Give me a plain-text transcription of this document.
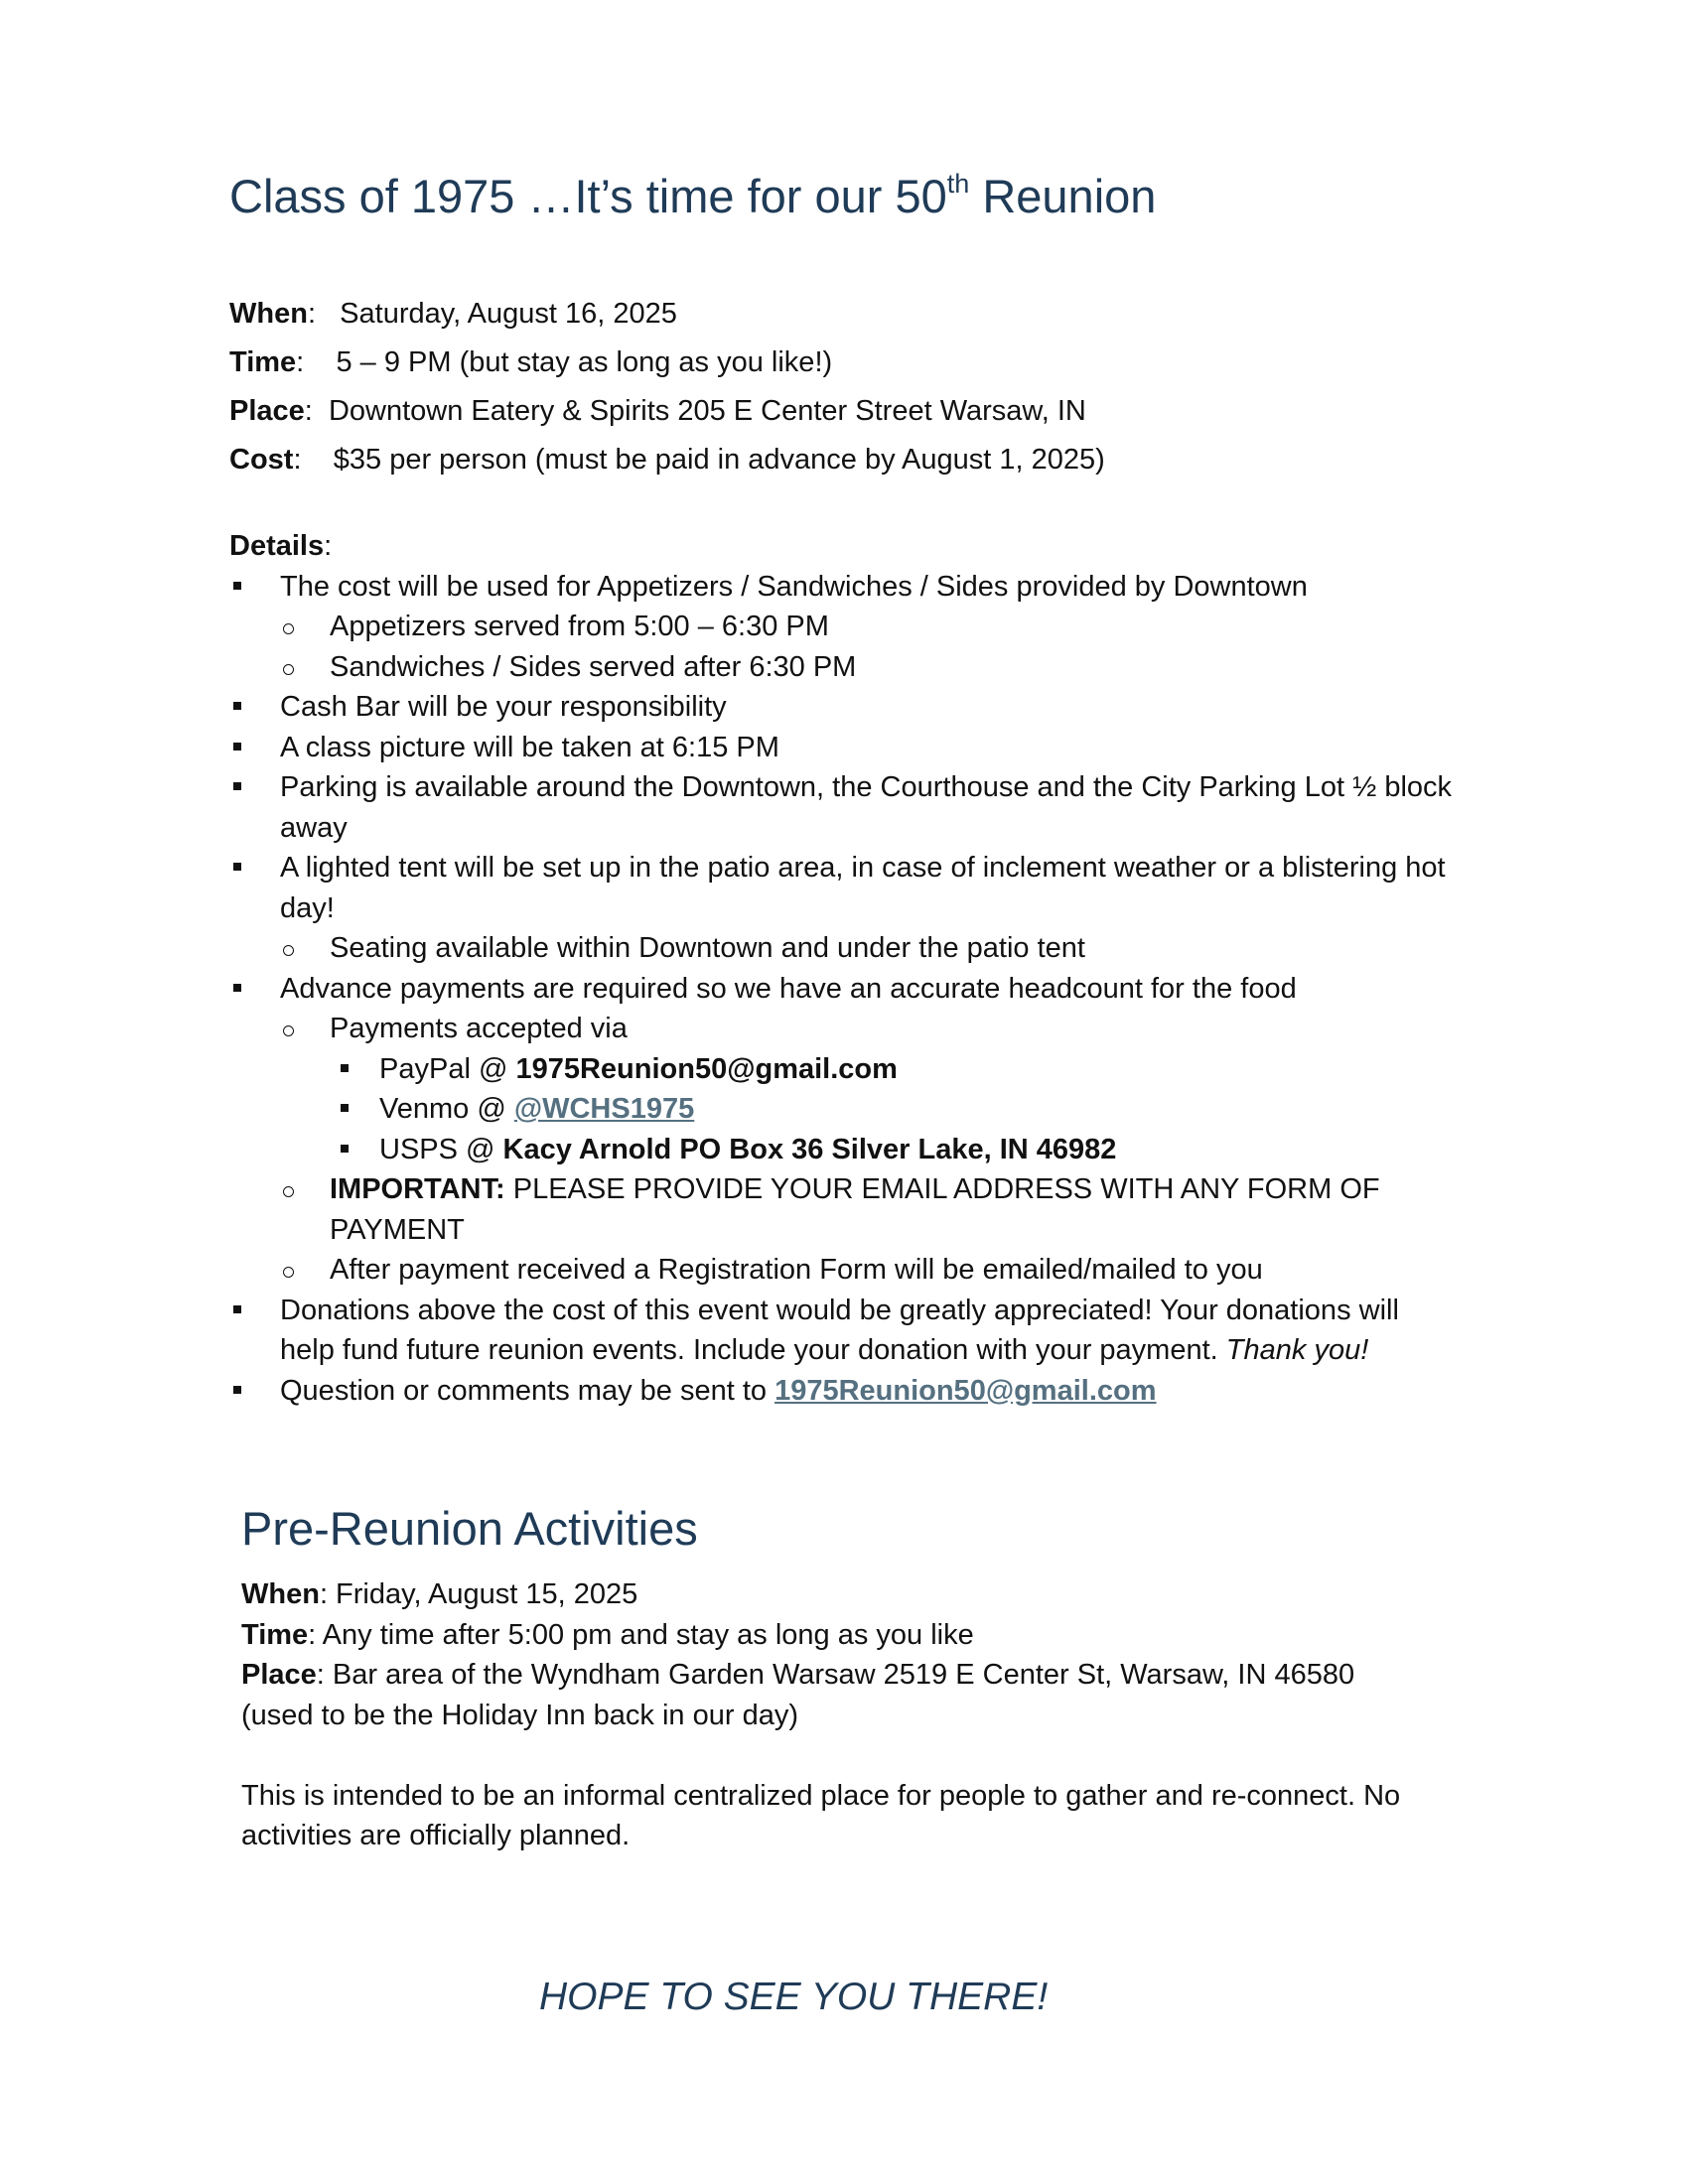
Class of 1975 …It’s time for our 50th Reunion
When:   Saturday, August 16, 2025
Time:    5 – 9 PM (but stay as long as you like!)
Place:  Downtown Eatery & Spirits 205 E Center Street Warsaw, IN
Cost:    $35 per person (must be paid in advance by August 1, 2025)
Details:
The cost will be used for Appetizers / Sandwiches / Sides provided by Downtown
Appetizers served from 5:00 – 6:30 PM
Sandwiches / Sides served after 6:30 PM
Cash Bar will be your responsibility
A class picture will be taken at 6:15 PM
Parking is available around the Downtown, the Courthouse and the City Parking Lot ½ block away
A lighted tent will be set up in the patio area, in case of inclement weather or a blistering hot day!
Seating available within Downtown and under the patio tent
Advance payments are required so we have an accurate headcount for the food
Payments accepted via
PayPal @ 1975Reunion50@gmail.com
Venmo @ @WCHS1975
USPS @ Kacy Arnold PO Box 36 Silver Lake, IN 46982
IMPORTANT: PLEASE PROVIDE YOUR EMAIL ADDRESS WITH ANY FORM OF PAYMENT
After payment received a Registration Form will be emailed/mailed to you
Donations above the cost of this event would be greatly appreciated! Your donations will help fund future reunion events. Include your donation with your payment. Thank you!
Question or comments may be sent to 1975Reunion50@gmail.com
Pre-Reunion Activities

When: Friday, August 15, 2025

Time: Any time after 5:00 pm and stay as long as you like

Place: Bar area of the Wyndham Garden Warsaw 2519 E Center St, Warsaw, IN 46580 (used to be the Holiday Inn back in our day)

This is intended to be an informal centralized place for people to gather and re-connect. No activities are officially planned.

HOPE TO SEE YOU THERE!
